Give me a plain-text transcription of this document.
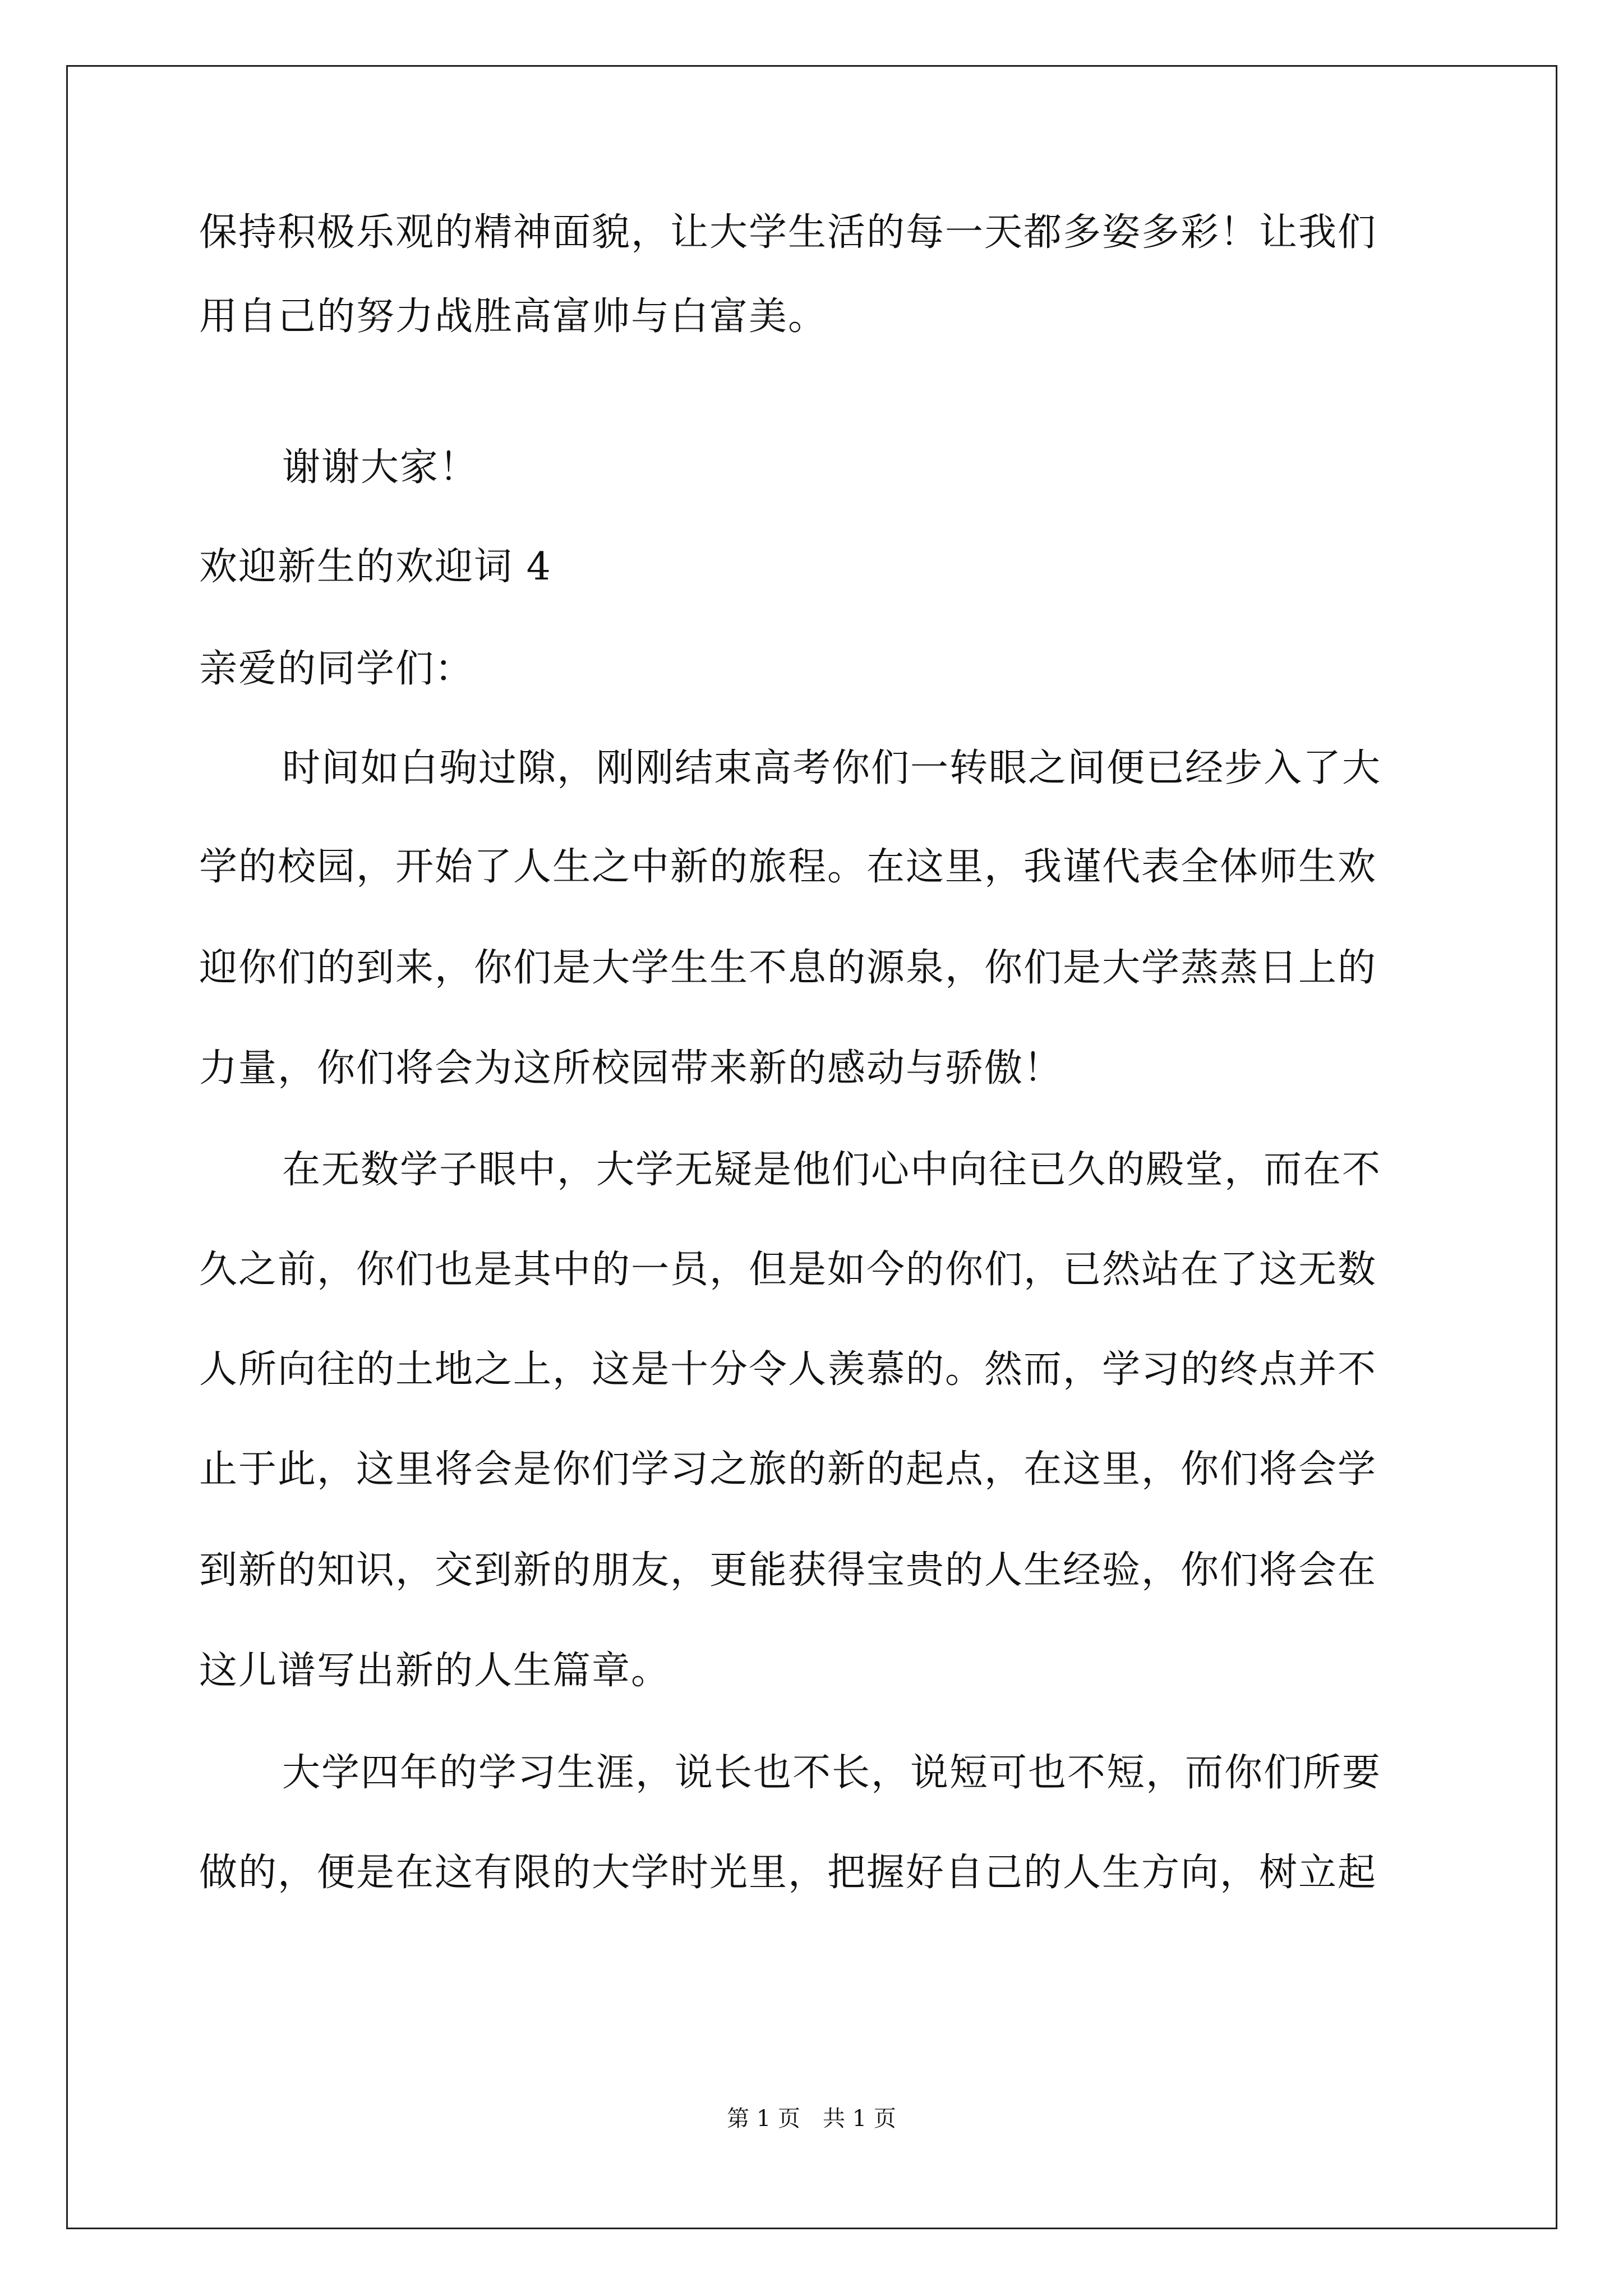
保持积极乐观的精神面貌，让大学生活的每一天都多姿多彩！让我们
用自己的努力战胜高富帅与白富美。
谢谢大家！
欢迎新生的欢迎词 4
亲爱的同学们：
时间如白驹过隙，刚刚结束高考你们一转眼之间便已经步入了大
学的校园，开始了人生之中新的旅程。在这里，我谨代表全体师生欢
迎你们的到来，你们是大学生生不息的源泉，你们是大学蒸蒸日上的
力量，你们将会为这所校园带来新的感动与骄傲！
在无数学子眼中，大学无疑是他们心中向往已久的殿堂，而在不
久之前，你们也是其中的一员，但是如今的你们，已然站在了这无数
人所向往的土地之上，这是十分令人羡慕的。然而，学习的终点并不
止于此，这里将会是你们学习之旅的新的起点，在这里，你们将会学
到新的知识，交到新的朋友，更能获得宝贵的人生经验，你们将会在
这儿谱写出新的人生篇章。
大学四年的学习生涯，说长也不长，说短可也不短，而你们所要
做的，便是在这有限的大学时光里，把握好自己的人生方向，树立起
第 1 页　共 1 页
